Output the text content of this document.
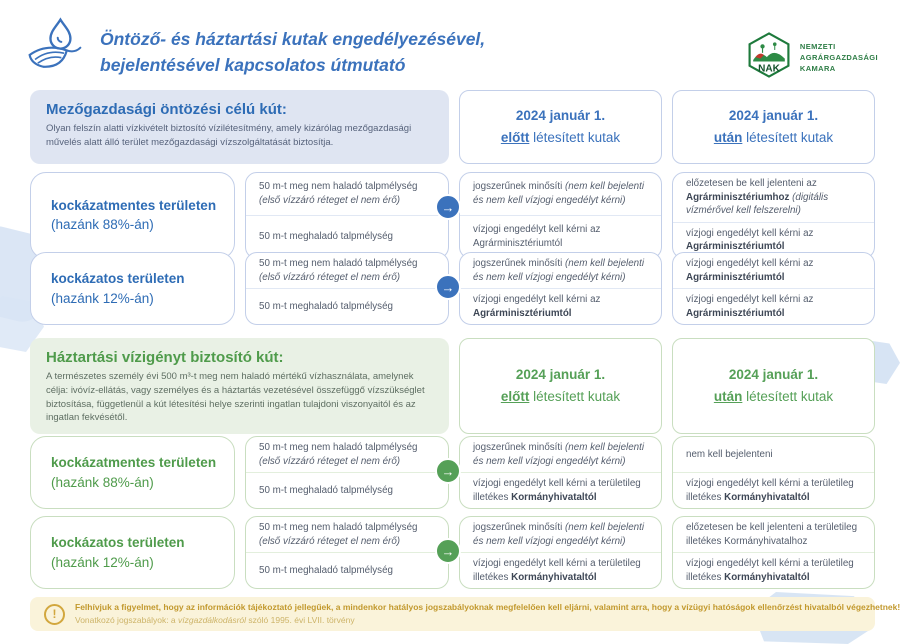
Öntöző- és háztartási kutak engedélyezésével,
bejelentésével kapcsolatos útmutató	NAK
NEMZETI
AGRÁRGAZDASÁGI
KAMARA
Mezőgazdasági öntözési célú kút:
Olyan felszín alatti vízkivételt biztosító vízilétesítmény, amely kizárólag mezőgazdasági művelés alatt álló terület mezőgazdasági vízszolgáltatását biztosítja.
2024 január 1.
előtt létesített kutak
2024 január 1.
után létesített kutak
kockázatmentes területen
(hazánk 88%-án)

50 m-t meg nem haladó talpmélység
(első vízzáró réteget el nem érő)

50 m-t meghaladó talpmélység

jogszerűnek minősíti (nem kell bejelenti és nem kell vízjogi engedélyt kérni)

vízjogi engedélyt kell kérni az Agrárminisztériumtól

előzetesen be kell jelenteni az Agrárminisztériumhoz (digitális vízmérővel kell felszerelni)

vízjogi engedélyt kell kérni az Agrárminisztériumtól

→
kockázatos területen
(hazánk 12%-án)

50 m-t meg nem haladó talpmélység
(első vízzáró réteget el nem érő)

50 m-t meghaladó talpmélység

jogszerűnek minősíti (nem kell bejelenti és nem kell vízjogi engedélyt kérni)

vízjogi engedélyt kell kérni az Agrárminisztériumtól

vízjogi engedélyt kell kérni az Agrárminisztériumtól

vízjogi engedélyt kell kérni az Agrárminisztériumtól

→
Háztartási vízigényt biztosító kút:
A természetes személy évi 500 m³-t meg nem haladó mértékű vízhasználata, amelynek célja: ivóvíz-ellátás, vagy személyes és a háztartás vezetésével összefüggő vízszükséglet biztosítása, függetlenül a kút létesítési helye szerinti ingatlan tulajdoni viszonyaitól és az ingatlan fekvésétől.
2024 január 1.
előtt létesített kutak
2024 január 1.
után létesített kutak
kockázatmentes területen
(hazánk 88%-án)

50 m-t meg nem haladó talpmélység
(első vízzáró réteget el nem érő)

50 m-t meghaladó talpmélység

jogszerűnek minősíti (nem kell bejelenti és nem kell vízjogi engedélyt kérni)

vízjogi engedélyt kell kérni a területileg illetékes Kormányhivataltól

nem kell bejelenteni

vízjogi engedélyt kell kérni a területileg illetékes Kormányhivataltól

→
kockázatos területen
(hazánk 12%-án)

50 m-t meg nem haladó talpmélység
(első vízzáró réteget el nem érő)

50 m-t meghaladó talpmélység

jogszerűnek minősíti (nem kell bejelenti és nem kell vízjogi engedélyt kérni)

vízjogi engedélyt kell kérni a területileg illetékes Kormányhivataltól

előzetesen be kell jelenteni a területileg illetékes Kormányhivatalhoz

vízjogi engedélyt kell kérni a területileg illetékes Kormányhivataltól

→
!
Felhívjuk a figyelmet, hogy az információk tájékoztató jellegűek, a mindenkor hatályos jogszabályoknak megfelelően kell eljárni, valamint arra, hogy a vízügyi hatóságok ellenőrzést hivatalból végezhetnek!
Vonatkozó jogszabályok: a vízgazdálkodásról szóló 1995. évi LVII. törvény
